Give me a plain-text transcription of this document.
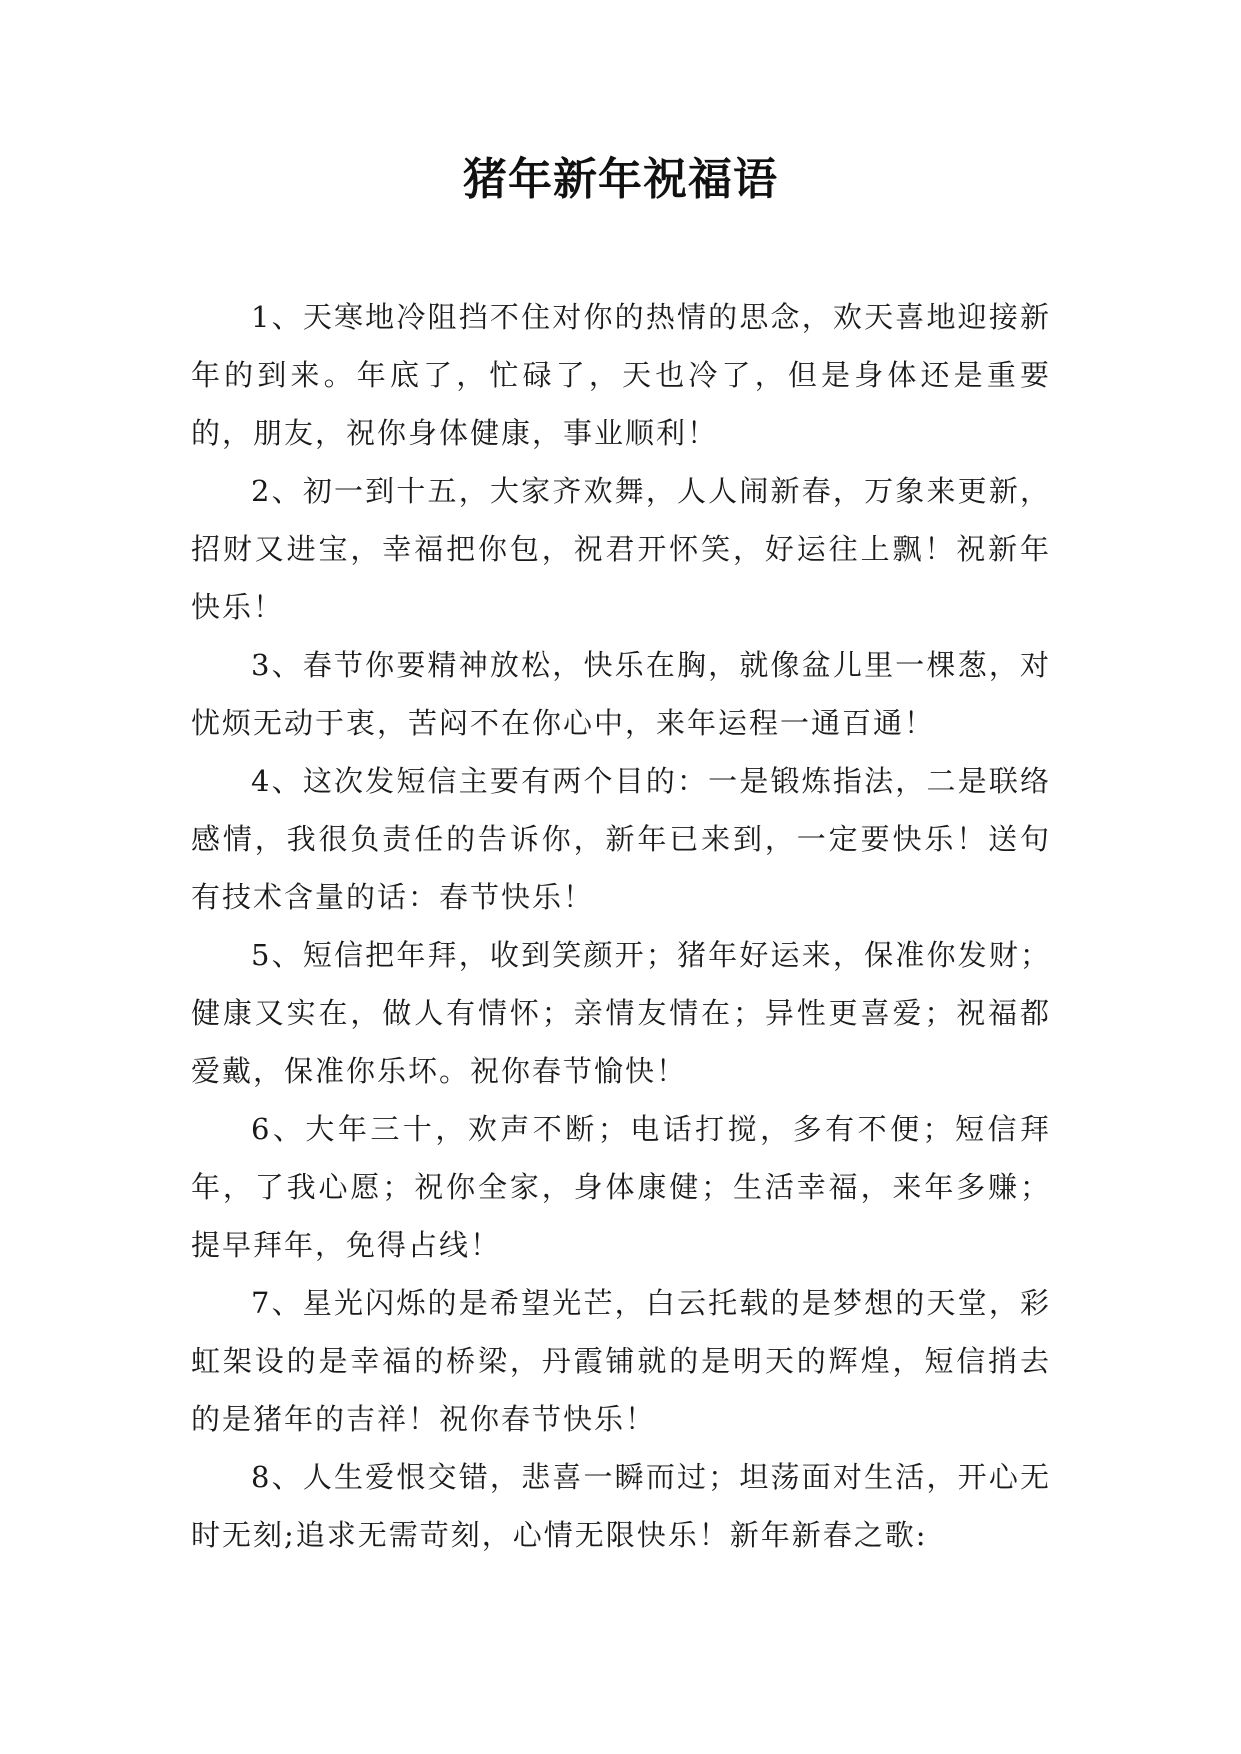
猪年新年祝福语

1、天寒地冷阻挡不住对你的热情的思念，欢天喜地迎接新年的到来。年底了，忙碌了，天也冷了，但是身体还是重要的，朋友，祝你身体健康，事业顺利！

2、初一到十五，大家齐欢舞，人人闹新春，万象来更新，招财又进宝，幸福把你包，祝君开怀笑，好运往上飘！祝新年快乐！

3、春节你要精神放松，快乐在胸，就像盆儿里一棵葱，对忧烦无动于衷，苦闷不在你心中，来年运程一通百通！

4、这次发短信主要有两个目的：一是锻炼指法，二是联络感情，我很负责任的告诉你，新年已来到，一定要快乐！送句有技术含量的话：春节快乐！

5、短信把年拜，收到笑颜开；猪年好运来，保准你发财；健康又实在，做人有情怀；亲情友情在；异性更喜爱；祝福都爱戴，保准你乐坏。祝你春节愉快！

6、大年三十，欢声不断；电话打搅，多有不便；短信拜年，了我心愿；祝你全家，身体康健；生活幸福，来年多赚；提早拜年，免得占线！

7、星光闪烁的是希望光芒，白云托载的是梦想的天堂，彩虹架设的是幸福的桥梁，丹霞铺就的是明天的辉煌，短信捎去的是猪年的吉祥！祝你春节快乐！

8、人生爱恨交错，悲喜一瞬而过；坦荡面对生活，开心无时无刻;追求无需苛刻，心情无限快乐！新年新春之歌:
